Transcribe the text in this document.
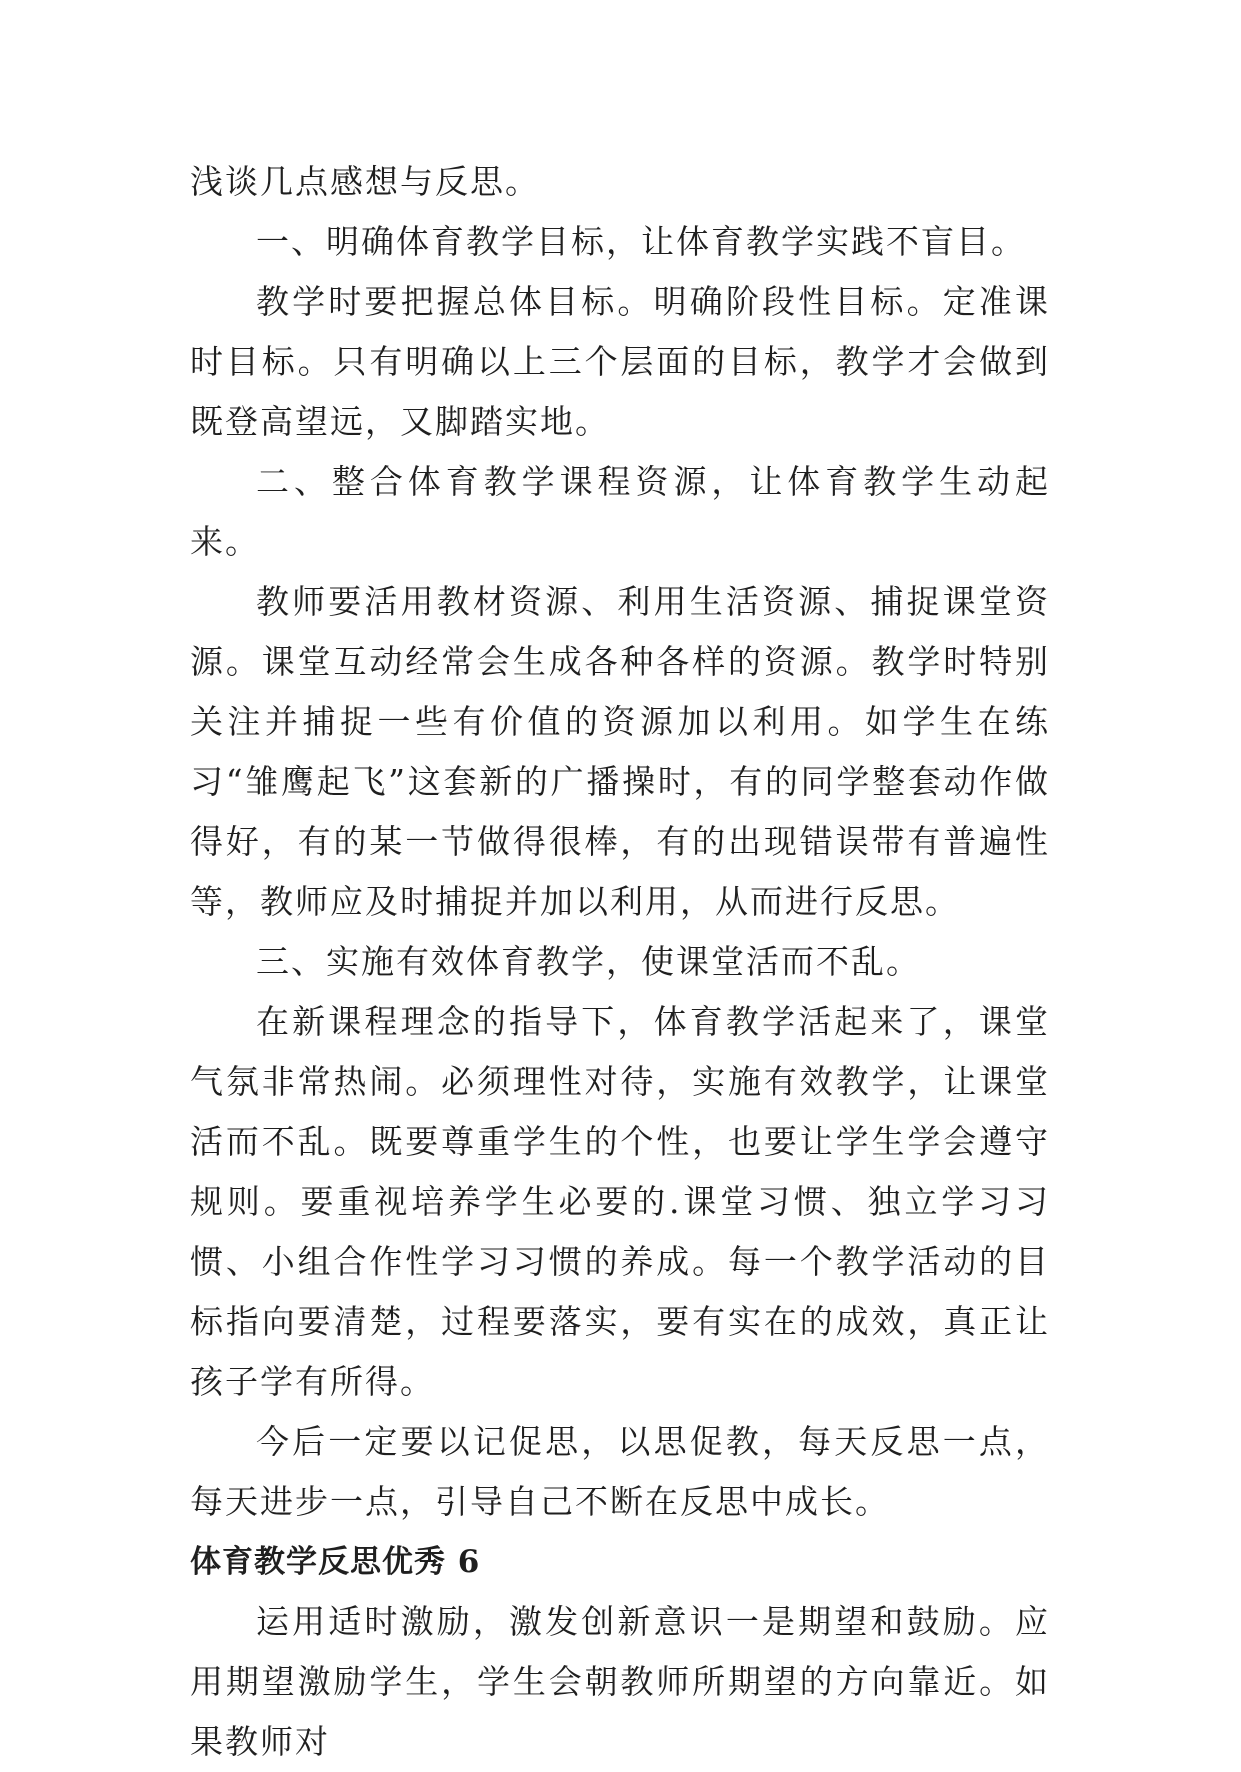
浅谈几点感想与反思。

一、明确体育教学目标，让体育教学实践不盲目。

教学时要把握总体目标。明确阶段性目标。定准课时目标。只有明确以上三个层面的目标，教学才会做到既登高望远，又脚踏实地。

二、整合体育教学课程资源，让体育教学生动起来。

教师要活用教材资源、利用生活资源、捕捉课堂资源。课堂互动经常会生成各种各样的资源。教学时特别关注并捕捉一些有价值的资源加以利用。如学生在练习“雏鹰起飞”这套新的广播操时，有的同学整套动作做得好，有的某一节做得很棒，有的出现错误带有普遍性等，教师应及时捕捉并加以利用，从而进行反思。

三、实施有效体育教学，使课堂活而不乱。

在新课程理念的指导下，体育教学活起来了，课堂气氛非常热闹。必须理性对待，实施有效教学，让课堂活而不乱。既要尊重学生的个性，也要让学生学会遵守规则。要重视培养学生必要的.课堂习惯、独立学习习惯、小组合作性学习习惯的养成。每一个教学活动的目标指向要清楚，过程要落实，要有实在的成效，真正让孩子学有所得。

今后一定要以记促思，以思促教，每天反思一点，每天进步一点，引导自己不断在反思中成长。

体育教学反思优秀 6

运用适时激励，激发创新意识一是期望和鼓励。应用期望激励学生，学生会朝教师所期望的方向靠近。如果教师对
